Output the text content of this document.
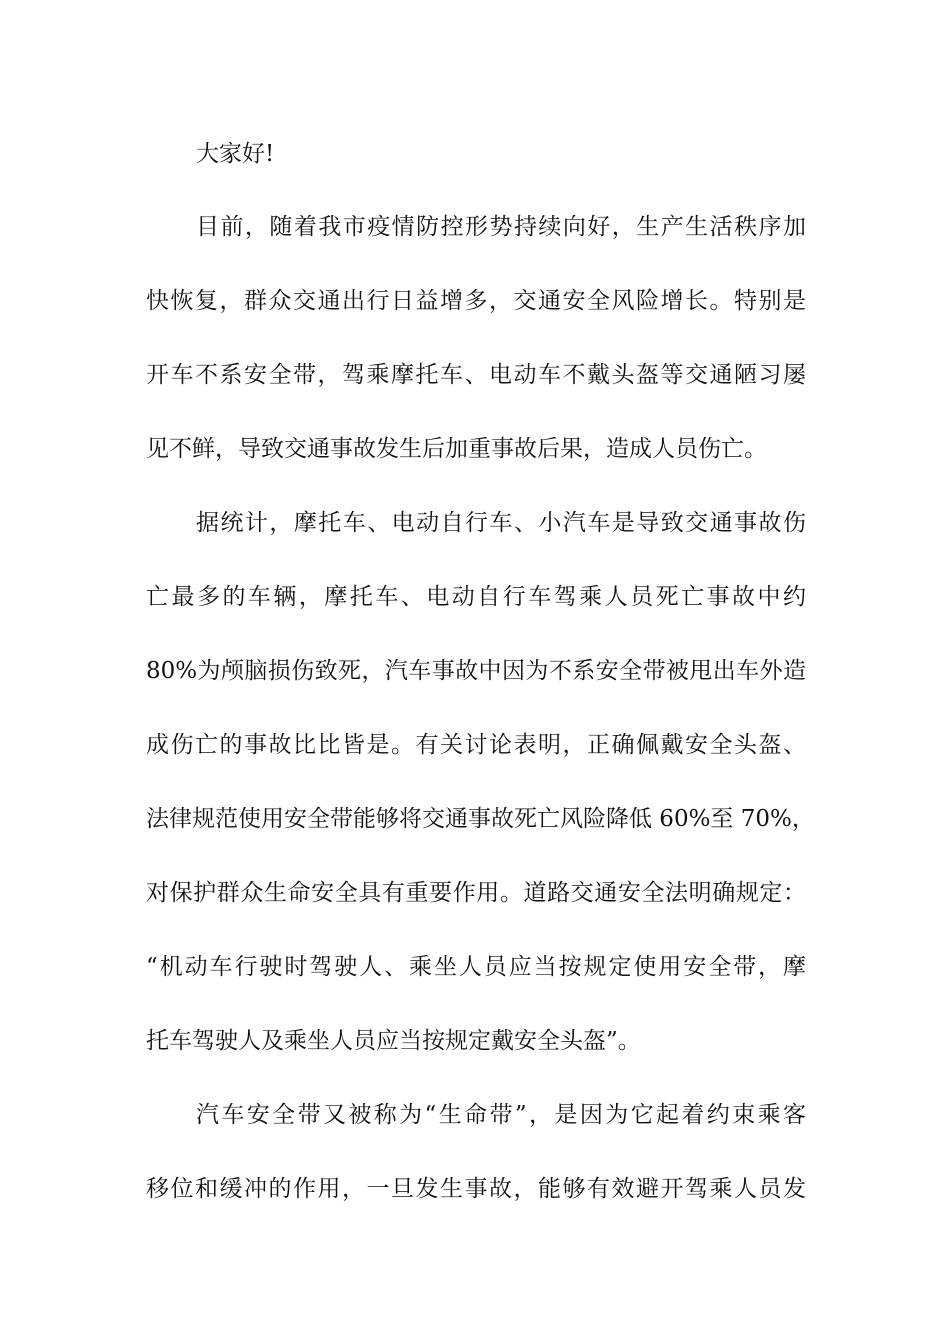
大家好!
目前，随着我市疫情防控形势持续向好，生产生活秩序加
快恢复，群众交通出行日益增多，交通安全风险增长。特别是
开车不系安全带，驾乘摩托车、电动车不戴头盔等交通陋习屡
见不鲜，导致交通事故发生后加重事故后果，造成人员伤亡。
据统计，摩托车、电动自行车、小汽车是导致交通事故伤
亡最多的车辆，摩托车、电动自行车驾乘人员死亡事故中约
80%为颅脑损伤致死，汽车事故中因为不系安全带被甩出车外造
成伤亡的事故比比皆是。有关讨论表明，正确佩戴安全头盔、
法律规范使用安全带能够将交通事故死亡风险降低 60%至 70%，
对保护群众生命安全具有重要作用。道路交通安全法明确规定：
“机动车行驶时驾驶人、乘坐人员应当按规定使用安全带，摩
托车驾驶人及乘坐人员应当按规定戴安全头盔”。
汽车安全带又被称为“生命带”，是因为它起着约束乘客
移位和缓冲的作用，一旦发生事故，能够有效避开驾乘人员发
